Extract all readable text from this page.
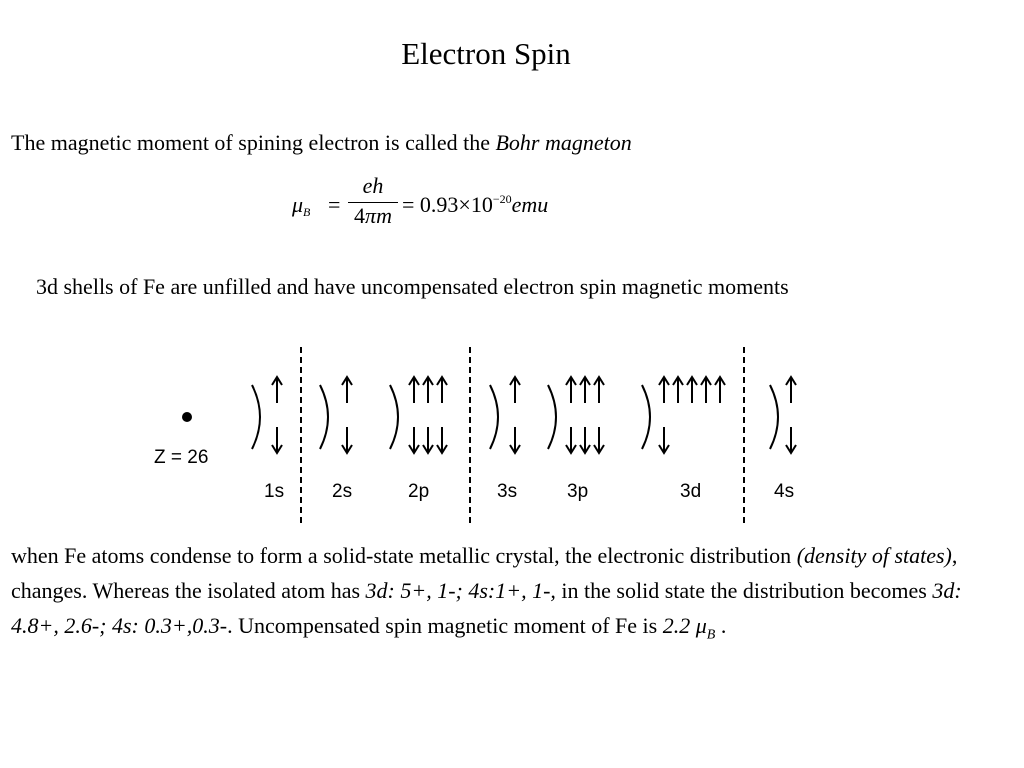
Electron Spin
The magnetic moment of spining electron is called the Bohr magneton
$\mu_B$ =
eh
$4\pi m = 0.93\times 10^{-20}emu$
3d shells of Fe are unfilled and have uncompensated electron spin magnetic moments
Z = 26
1s	2s	2p	3s	3p	3d	4s
when Fe atoms condense to form a solid-state metallic crystal, the electronic distribution (density of states), changes. Whereas the isolated atom has 3d: 5+, 1-; 4s:1+, 1-, in the solid state the distribution becomes 3d: 4.8+, 2.6-; 4s: 0.3+,0.3-. Uncompensated spin magnetic moment of Fe is 2.2 $\mu_B$ .
